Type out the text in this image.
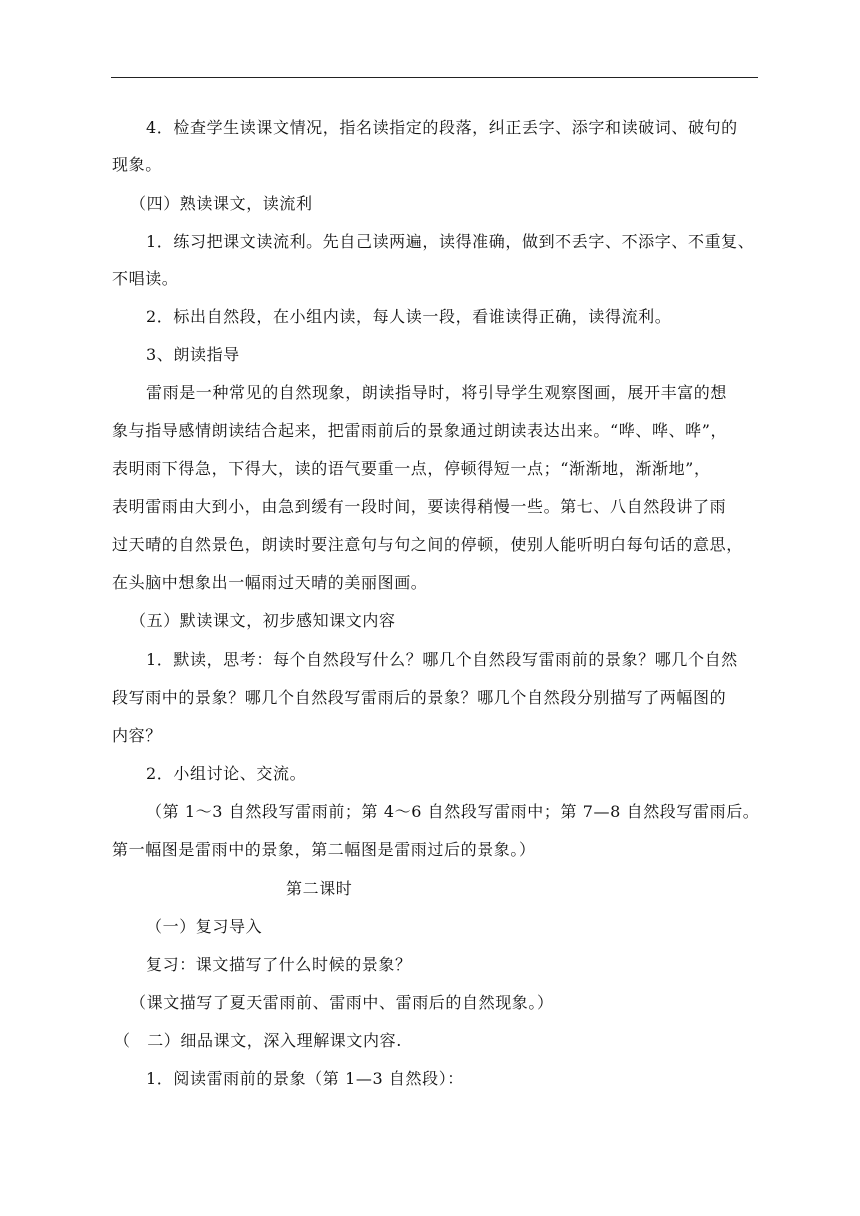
4．检查学生读课文情况，指名读指定的段落，纠正丢字、添字和读破词、破句的
现象。
（四）熟读课文，读流利
1．练习把课文读流利。先自己读两遍，读得准确，做到不丢字、不添字、不重复、
不唱读。
2．标出自然段，在小组内读，每人读一段，看谁读得正确，读得流利。
3、朗读指导
雷雨是一种常见的自然现象，朗读指导时，将引导学生观察图画，展开丰富的想
象与指导感情朗读结合起来，把雷雨前后的景象通过朗读表达出来。“哗、哗、哗”，
表明雨下得急，下得大，读的语气要重一点，停顿得短一点；“渐渐地，渐渐地”，
表明雷雨由大到小，由急到缓有一段时间，要读得稍慢一些。第七、八自然段讲了雨
过天晴的自然景色，朗读时要注意句与句之间的停顿，使别人能听明白每句话的意思，
在头脑中想象出一幅雨过天晴的美丽图画。
（五）默读课文，初步感知课文内容
1．默读，思考：每个自然段写什么？哪几个自然段写雷雨前的景象？哪几个自然
段写雨中的景象？哪几个自然段写雷雨后的景象？哪几个自然段分别描写了两幅图的
内容？
2．小组讨论、交流。
（第 1～3 自然段写雷雨前；第 4～6 自然段写雷雨中；第 7—8 自然段写雷雨后。
第一幅图是雷雨中的景象，第二幅图是雷雨过后的景象。）
第二课时
（一）复习导入
复习：课文描写了什么时候的景象？
（课文描写了夏天雷雨前、雷雨中、雷雨后的自然现象。）
（　二）细品课文，深入理解课文内容.
1．阅读雷雨前的景象（第 1—3 自然段）：
